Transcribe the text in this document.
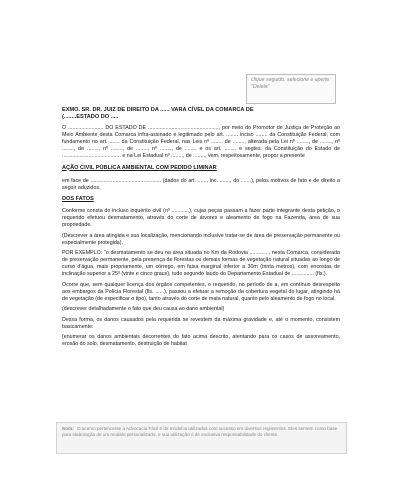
clique seguido, selecione e aperte "Delete"

EXMO. SR. DR. JUIZ DE DIREITO DA ...... VARA CÍVEL DA COMARCA DE
(........ESTADO DO .....

O ........................ DO ESTADO DE ................................................, por meio do Promotor de Justiça de Proteção ao Meio Ambiente desta Comarca infra-assinado e legitimado pelo art. ........ inciso ........ da Constituição Federal, com fundamento no art. ....... da Constituição Federal, nas Leis nº ........ de ........, alterada pela Lei nº ........, de ........, nº ........, de ........, nº ........, de ........, nº ........, de ........ e os art. ........ e segtes. da Constituição do Estado de ........................................ e na Lei Estadual nº ........, de ........, vem, respeitosamente, propor a presente

AÇÃO CIVIL PÚBLICA AMBIENTAL COM PEDIDO LIMINAR

em face de ................................................ (dados do art. ......, inc. ......., do .......), pelos motivos de fato e de direito a seguir aduzidos.

DOS FATOS

Conforme consta do incluso inquérito civil (nº ............), cujas peças passam a fazer parte integrante desta petição, o requerido efetuou desmatamento, através do corte de árvores e aleamento de fogo na Fazenda, área de sua propriedade.

(Descrever a área atingida e sua localização, mencionando inclusive tratar-se de área de preservação permanente ou especialmente protegida).

POR EXEMPLO: "o desmatamento se deu na área situada no Km da Rodovia ............., nesta Comarca, considerada de preservação permanente, pela presença de florestas ou demais formas de vegetação natural situadas ao longo de curso d'água, mais propriamente, um córrego, em faixa marginal inferior a 30m (trinta metros), com encostas de inclinação superior a 25º (vinte e cinco graus), tudo segundo laudo do Departamento Estadual de ............... (fls.).

Ocorre que, sem qualquer licença dos órgãos competentes, o requerido, no período de a, em contínuo desrespeito aos embargos da Polícia Florestal (fls. ......), passou a efetuar a remoção da cobertura vegetal do lugar, atingindo há de vegetação (de especificar o tipo), tanto através do corte de mata natural, quanto pelo aleamento de fogo no local.

(descrever detalhadamente o fato que deu causa ao dano ambiental)

Dessa forma, os danos causados pela requerida se revestem da máxima gravidade e, até o momento, consistem basicamente:

(enumerar os danos ambientais decorrentes do fato acima descrito, atentando para os casos de assoreamento, erosão do solo, desmatamento, destruição de habitat

Nota: O acervo pertencente a Advocacia Fácil é de modelos utilizados com sucesso em diversos regimentos. Eles servem como base para elaboração de um modelo personalizado, e sua utilização é de exclusiva responsabilidade do cliente.
